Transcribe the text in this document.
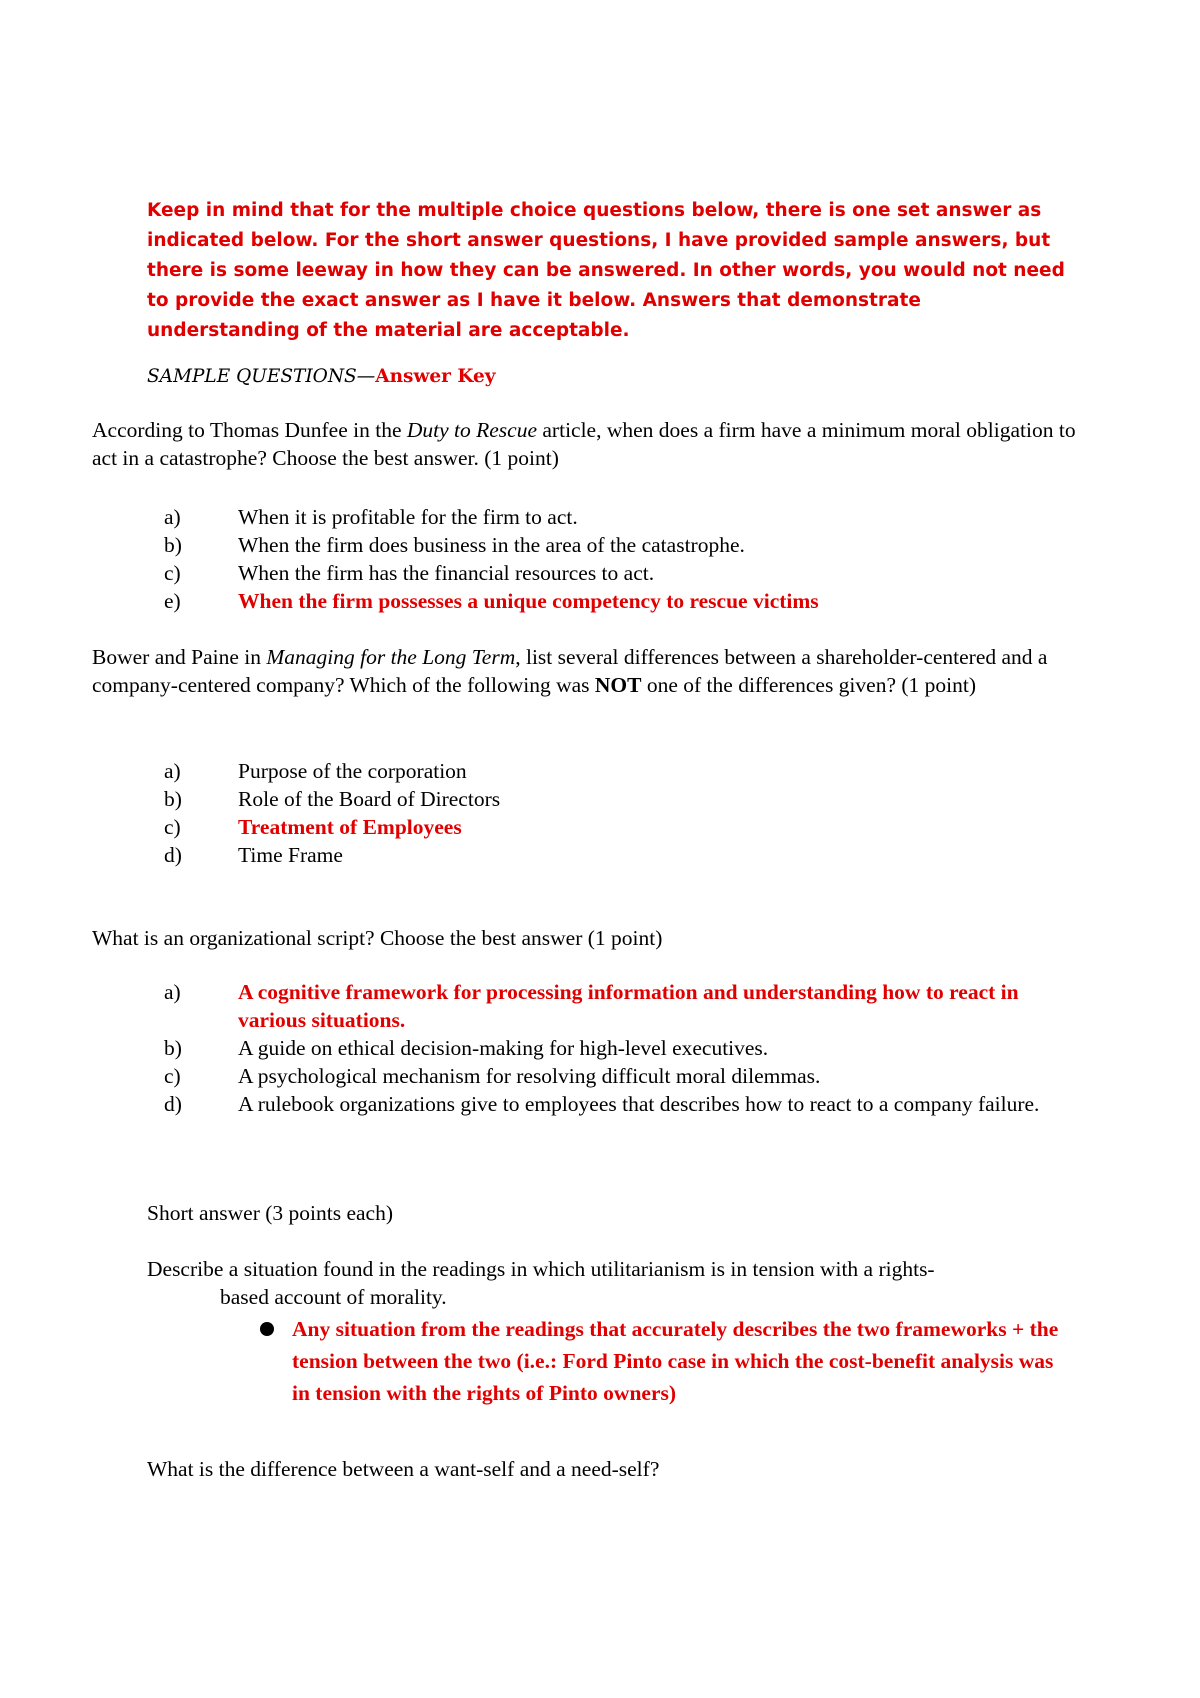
Keep in mind that for the multiple choice questions below, there is one set answer as indicated below. For the short answer questions, I have provided sample answers, but there is some leeway in how they can be answered. In other words, you would not need to provide the exact answer as I have it below. Answers that demonstrate understanding of the material are acceptable.

SAMPLE QUESTIONS—Answer Key

According to Thomas Dunfee in the Duty to Rescue article, when does a firm have a minimum moral obligation to act in a catastrophe? Choose the best answer. (1 point)

a)	When it is profitable for the firm to act.
b)	When the firm does business in the area of the catastrophe.
c)	When the firm has the financial resources to act.
e)	When the firm possesses a unique competency to rescue victims

Bower and Paine in Managing for the Long Term, list several differences between a shareholder-centered and a company-centered company? Which of the following was NOT one of the differences given? (1 point)

a)	Purpose of the corporation
b)	Role of the Board of Directors
c)	Treatment of Employees
d)	Time Frame

What is an organizational script? Choose the best answer (1 point)

a)	A cognitive framework for processing information and understanding how to react in various situations.
b)	A guide on ethical decision-making for high-level executives.
c)	A psychological mechanism for resolving difficult moral dilemmas.
d)	A rulebook organizations give to employees that describes how to react to a company failure.

Short answer (3 points each)

Describe a situation found in the readings in which utilitarianism is in tension with a rights-
based account of morality.

Any situation from the readings that accurately describes the two frameworks + the tension between the two (i.e.: Ford Pinto case in which the cost-benefit analysis was in tension with the rights of Pinto owners)

What is the difference between a want-self and a need-self?
